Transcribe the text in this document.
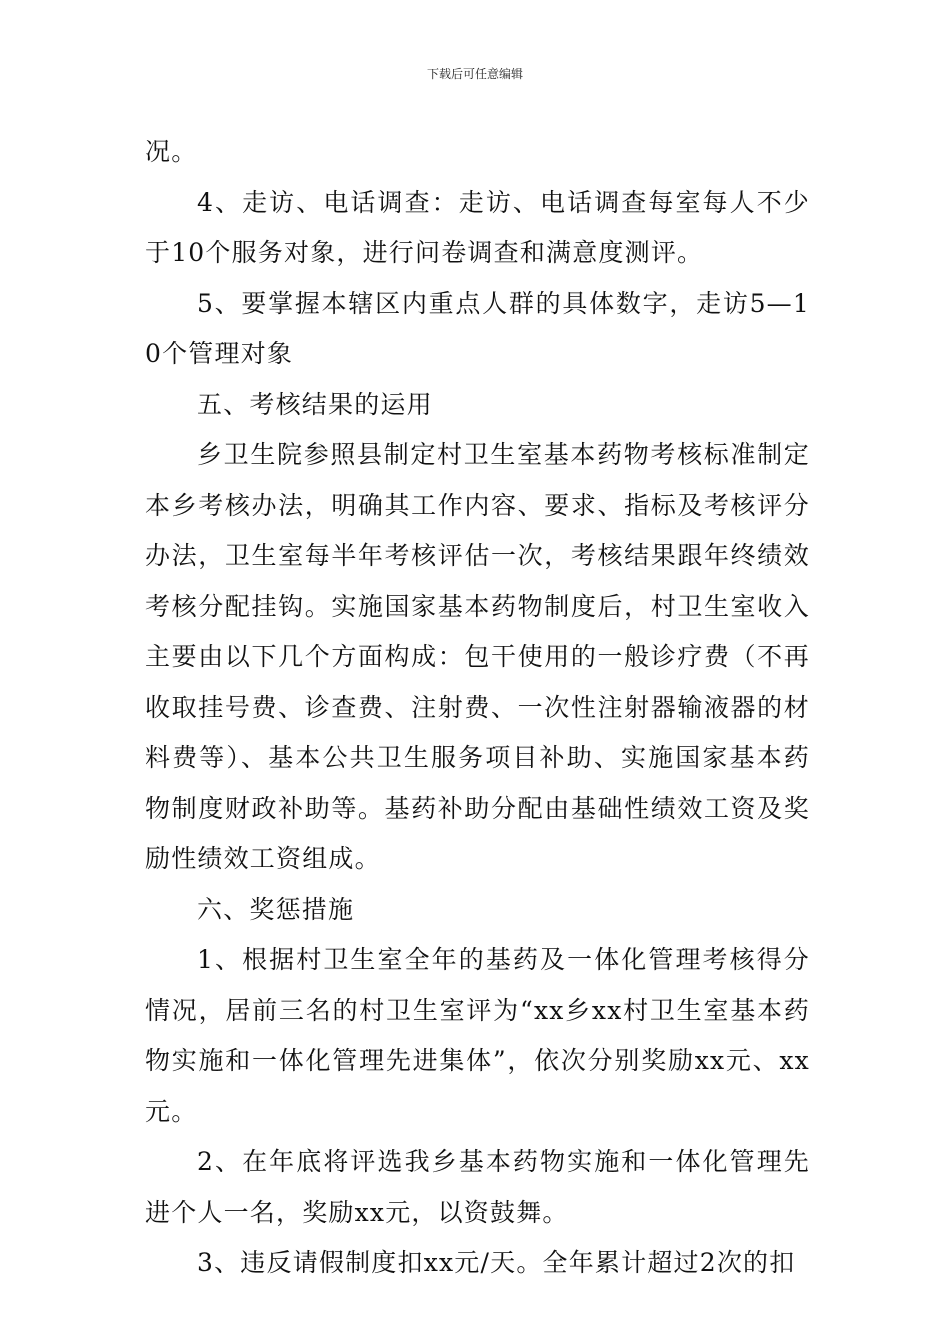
下载后可任意编辑

况。

4、走访、电话调查：走访、电话调查每室每人不少于10个服务对象，进行问卷调查和满意度测评。

5、要掌握本辖区内重点人群的具体数字，走访5—10个管理对象

五、考核结果的运用

乡卫生院参照县制定村卫生室基本药物考核标准制定本乡考核办法，明确其工作内容、要求、指标及考核评分办法，卫生室每半年考核评估一次，考核结果跟年终绩效考核分配挂钩。实施国家基本药物制度后，村卫生室收入主要由以下几个方面构成：包干使用的一般诊疗费（不再收取挂号费、诊查费、注射费、一次性注射器输液器的材料费等）、基本公共卫生服务项目补助、实施国家基本药物制度财政补助等。基药补助分配由基础性绩效工资及奖励性绩效工资组成。

六、奖惩措施

1、根据村卫生室全年的基药及一体化管理考核得分情况，居前三名的村卫生室评为“xx乡xx村卫生室基本药物实施和一体化管理先进集体”，依次分别奖励xx元、xx元。

2、在年底将评选我乡基本药物实施和一体化管理先进个人一名，奖励xx元，以资鼓舞。

3、违反请假制度扣xx元/天。全年累计超过2次的扣
